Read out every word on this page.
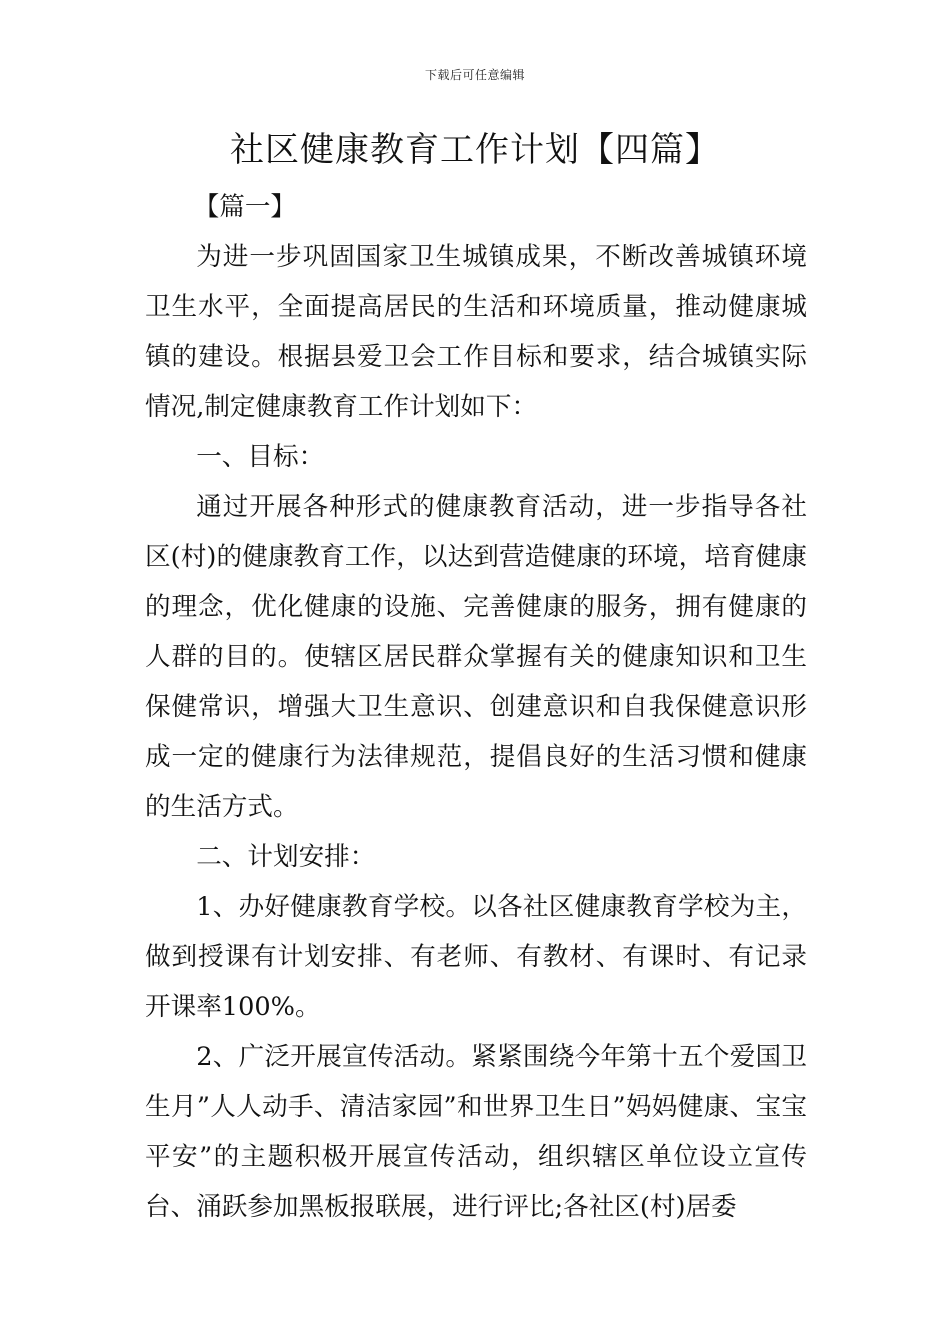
下载后可任意编辑
社区健康教育工作计划【四篇】

【篇一】

为进一步巩固国家卫生城镇成果，不断改善城镇环境卫生水平，全面提高居民的生活和环境质量，推动健康城镇的建设。根据县爱卫会工作目标和要求，结合城镇实际情况,制定健康教育工作计划如下：

一、目标：

通过开展各种形式的健康教育活动，进一步指导各社区(村)的健康教育工作，以达到营造健康的环境，培育健康的理念，优化健康的设施、完善健康的服务，拥有健康的人群的目的。使辖区居民群众掌握有关的健康知识和卫生保健常识，增强大卫生意识、创建意识和自我保健意识形成一定的健康行为法律规范，提倡良好的生活习惯和健康的生活方式。

二、计划安排：

1、办好健康教育学校。以各社区健康教育学校为主，做到授课有计划安排、有老师、有教材、有课时、有记录开课率100%。

2、广泛开展宣传活动。紧紧围绕今年第十五个爱国卫生月”人人动手、清洁家园”和世界卫生日”妈妈健康、宝宝平安”的主题积极开展宣传活动，组织辖区单位设立宣传台、涌跃参加黑板报联展，进行评比;各社区(村)居委
